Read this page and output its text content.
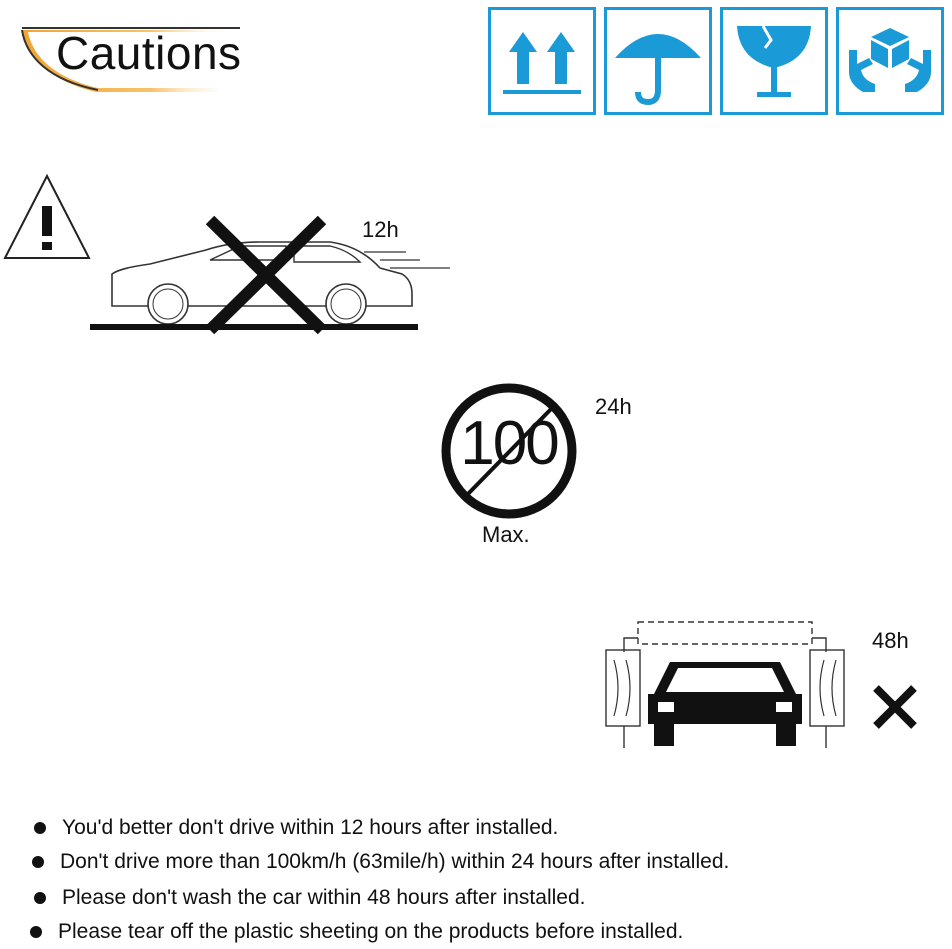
Cautions
12h
100
24h
Max.
48h
You'd better don't drive within 12 hours after installed.
Don't drive more than 100km/h (63mile/h) within 24 hours after installed.
Please don't wash the car within 48 hours after installed.
Please tear off the plastic sheeting on the products before installed.
